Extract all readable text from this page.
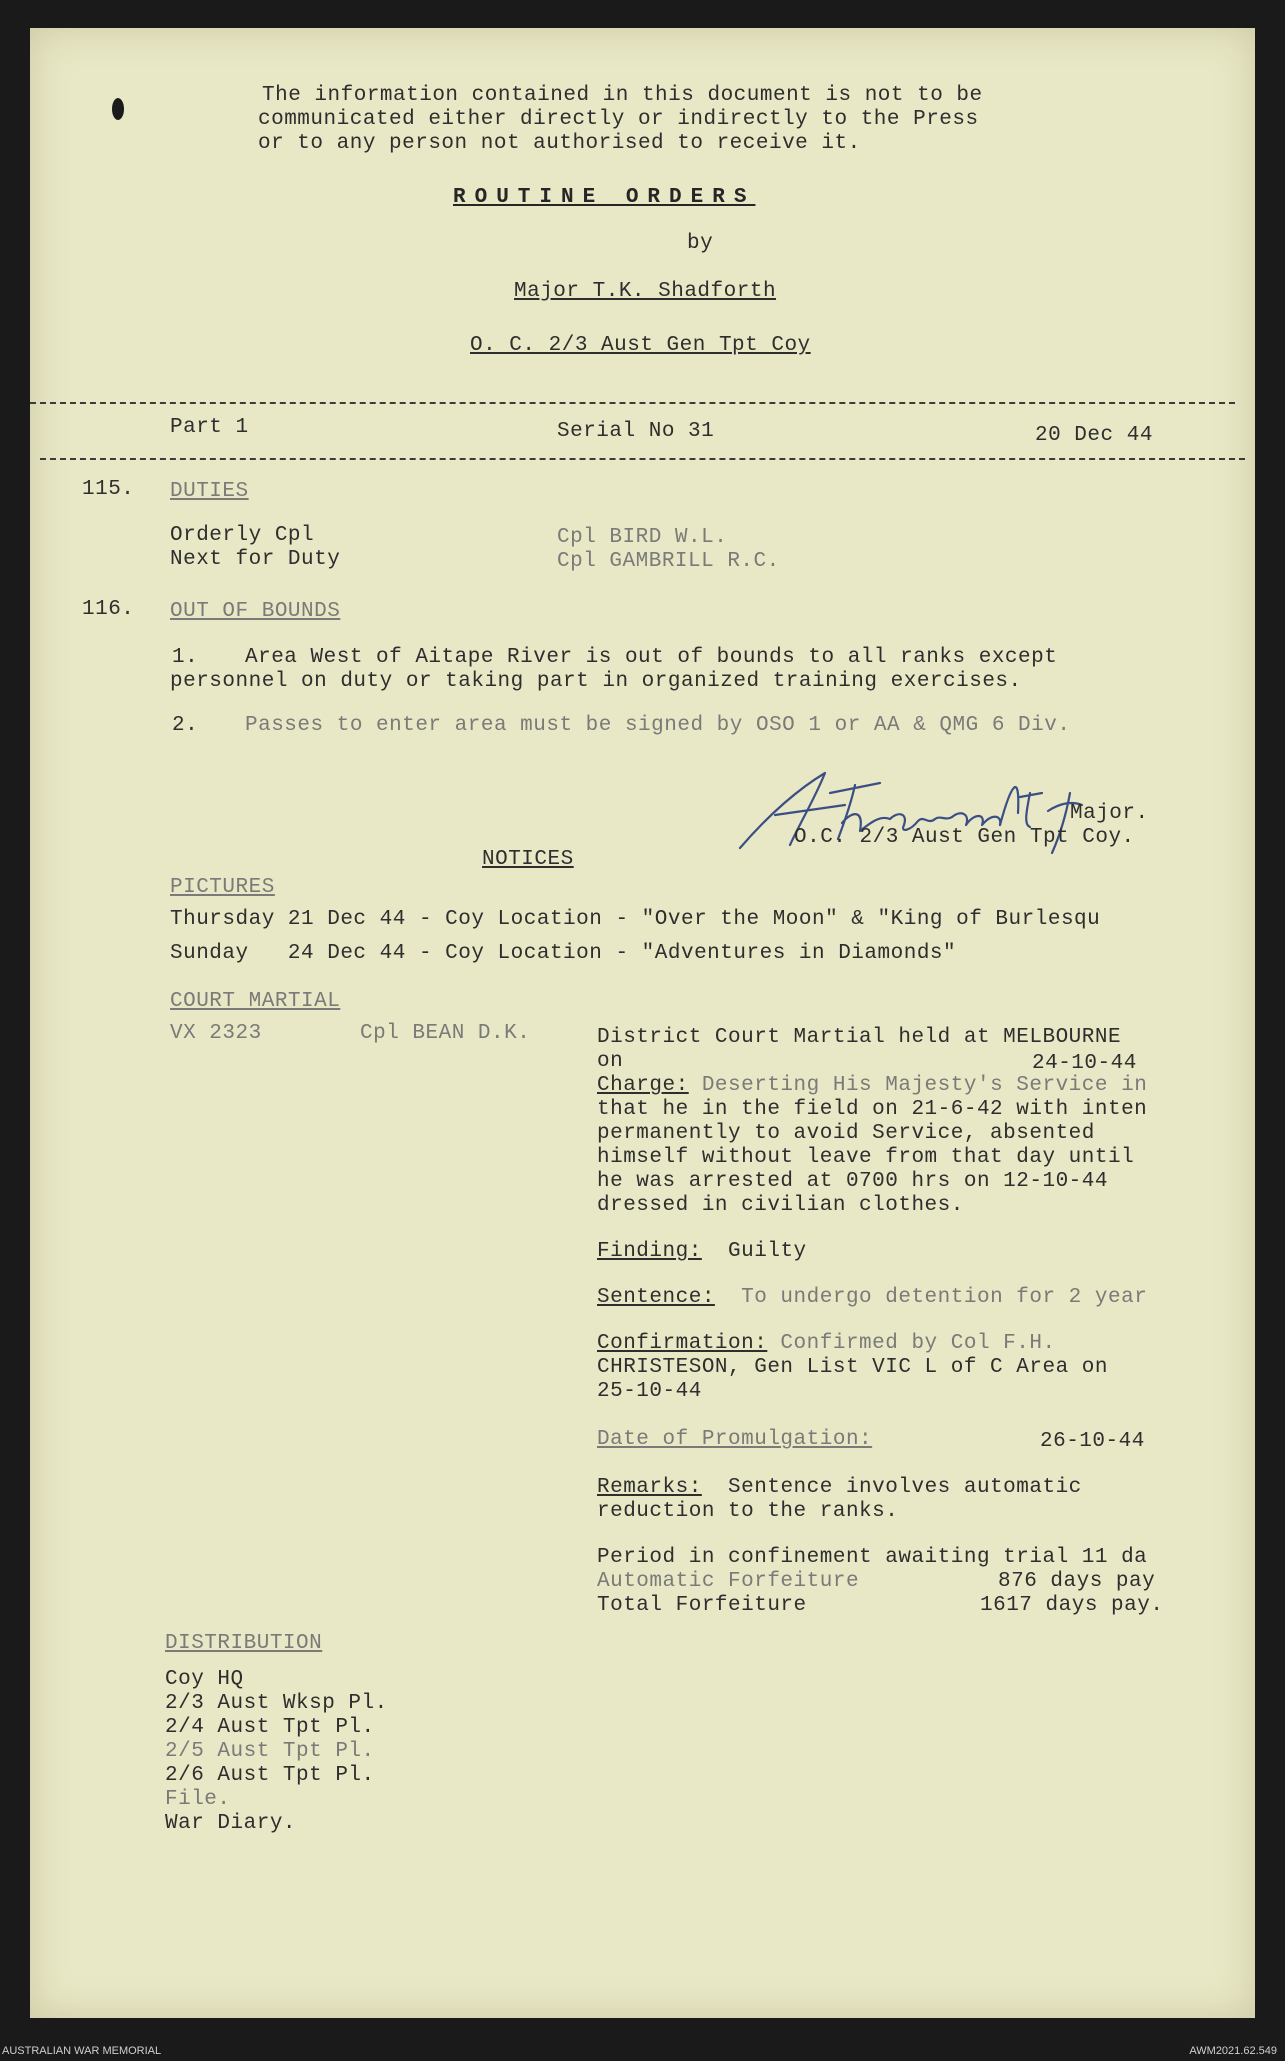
The information contained in this document is not to be
communicated either directly or indirectly to the Press
or to any person not authorised to receive it.
ROUTINE ORDERS
by
Major T.K. Shadforth
O. C. 2/3 Aust Gen Tpt Coy
Part 1	Serial No 31	20 Dec 44
115. DUTIES
Orderly Cpl	Cpl BIRD W.L.
Next for Duty	Cpl GAMBRILL R.C.
116. OUT OF BOUNDS
1. Area West of Aitape River is out of bounds to all ranks except
personnel on duty or taking part in organized training exercises.
2. Passes to enter area must be signed by OSO 1 or AA & QMG 6 Div.
Major.
O.C. 2/3 Aust Gen Tpt Coy.
NOTICES
PICTURES
Thursday 21 Dec 44 - Coy Location - "Over the Moon" & "King of Burlesqu
Sunday   24 Dec 44 - Coy Location - "Adventures in Diamonds"
COURT MARTIAL
VX 2323	Cpl BEAN D.K.	District Court Martial held at MELBOURNE
on	24-10-44
Charge: Deserting His Majesty's Service in
that he in the field on 21-6-42 with inten
permanently to avoid Service, absented
himself without leave from that day until
he was arrested at 0700 hrs on 12-10-44
dressed in civilian clothes.
Finding:  Guilty
Sentence:  To undergo detention for 2 year
Confirmation: Confirmed by Col F.H.
CHRISTESON, Gen List VIC L of C Area on
25-10-44
Date of Promulgation:	26-10-44
Remarks:  Sentence involves automatic
reduction to the ranks.
Period in confinement awaiting trial 11 da
Automatic Forfeiture	876 days pay
Total Forfeiture	1617 days pay.
DISTRIBUTION
Coy HQ
2/3 Aust Wksp Pl.
2/4 Aust Tpt Pl.
2/5 Aust Tpt Pl.
2/6 Aust Tpt Pl.
File.
War Diary.
AUSTRALIAN WAR MEMORIAL	AWM2021.62.549
